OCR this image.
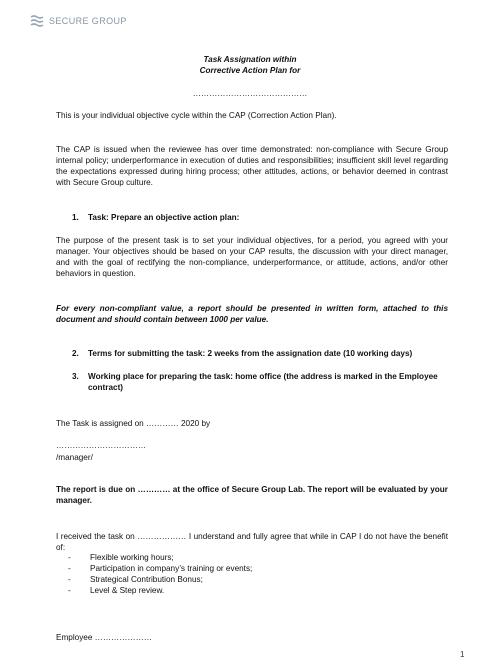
SECURE GROUP
Task Assignation within
Corrective Action Plan for
……………………………………
This is your individual objective cycle within the CAP (Correction Action Plan).
The CAP is issued when the reviewee has over time demonstrated: non-compliance with Secure Group internal policy; underperformance in execution of duties and responsibilities; insufficient skill level regarding the expectations expressed during hiring process; other attitudes, actions, or behavior deemed in contrast with Secure Group culture.
1.	Task: Prepare an objective action plan:
The purpose of the present task is to set your individual objectives, for a period, you agreed with your manager. Your objectives should be based on your CAP results, the discussion with your direct manager, and with the goal of rectifying the non-compliance, underperformance, or attitude, actions, and/or other behaviors in question.
For every non-compliant value, a report should be presented in written form, attached to this document and should contain between 1000 per value.
2.	Terms for submitting the task: 2 weeks from the assignation date (10 working days)
3.	Working place for preparing the task: home office (the address is marked in the Employee contract)
The Task is assigned on ………… 2020 by
……………………………
/manager/
The report is due on ………… at the office of Secure Group Lab. The report will be evaluated by your manager.
I received the task on ……………… I understand and fully agree that while in CAP I do not have the benefit of:
-	Flexible working hours;
-	Participation in company’s training or events;
-	Strategical Contribution Bonus;
-	Level & Step review.
Employee …………………
1
